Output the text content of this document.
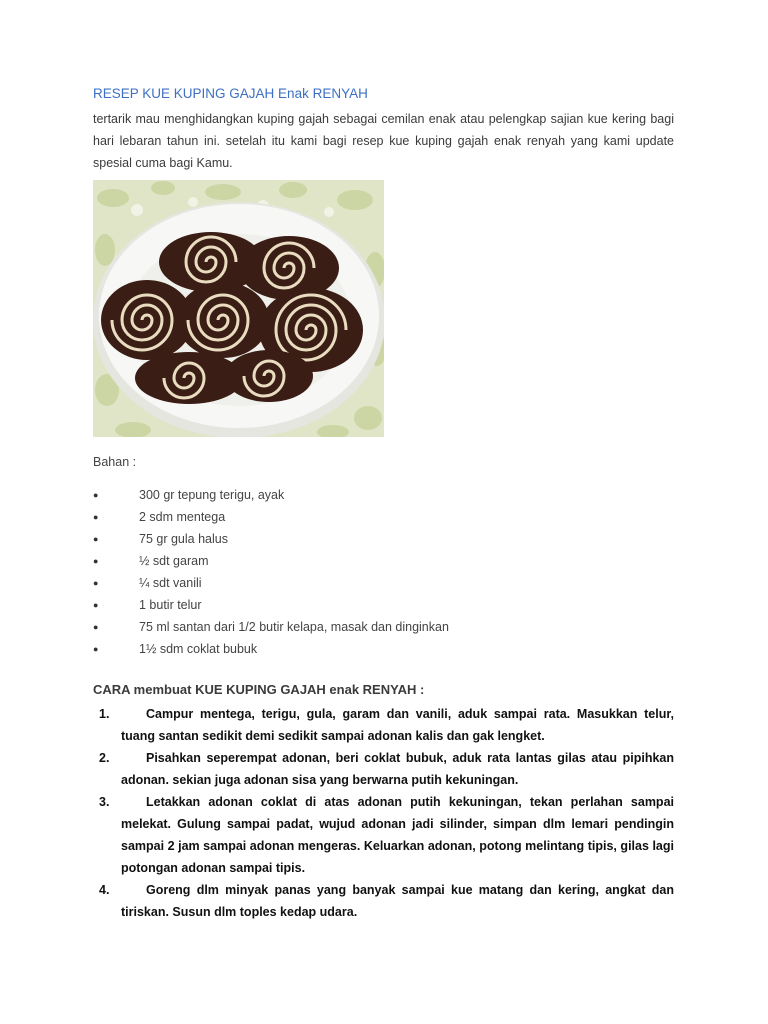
RESEP KUE KUPING GAJAH Enak RENYAH

tertarik mau menghidangkan kuping gajah sebagai cemilan enak atau pelengkap sajian kue kering bagi hari lebaran tahun ini. setelah itu kami bagi resep kue kuping gajah enak renyah yang kami update spesial cuma bagi Kamu.

Bahan :
●	300 gr tepung terigu, ayak
●	2 sdm mentega
●	75 gr gula halus
●	½ sdt garam
●	¼ sdt vanili
●	1 butir telur
●	75 ml santan dari 1/2 butir kelapa, masak dan dinginkan
●	1½ sdm coklat bubuk
CARA membuat KUE KUPING GAJAH enak RENYAH :
1.	Campur mentega, terigu, gula, garam dan vanili, aduk sampai rata. Masukkan telur, tuang santan sedikit demi sedikit sampai adonan kalis dan gak lengket.
2.	Pisahkan seperempat adonan, beri coklat bubuk, aduk rata lantas gilas atau pipihkan adonan. sekian juga adonan sisa yang berwarna putih kekuningan.
3.	Letakkan adonan coklat di atas adonan putih kekuningan, tekan perlahan sampai melekat. Gulung sampai padat, wujud adonan jadi silinder, simpan dlm lemari pendingin sampai 2 jam sampai adonan mengeras. Keluarkan adonan, potong melintang tipis, gilas lagi potongan adonan sampai tipis.
4.	Goreng dlm minyak panas yang banyak sampai kue matang dan kering, angkat dan tiriskan. Susun dlm toples kedap udara.
